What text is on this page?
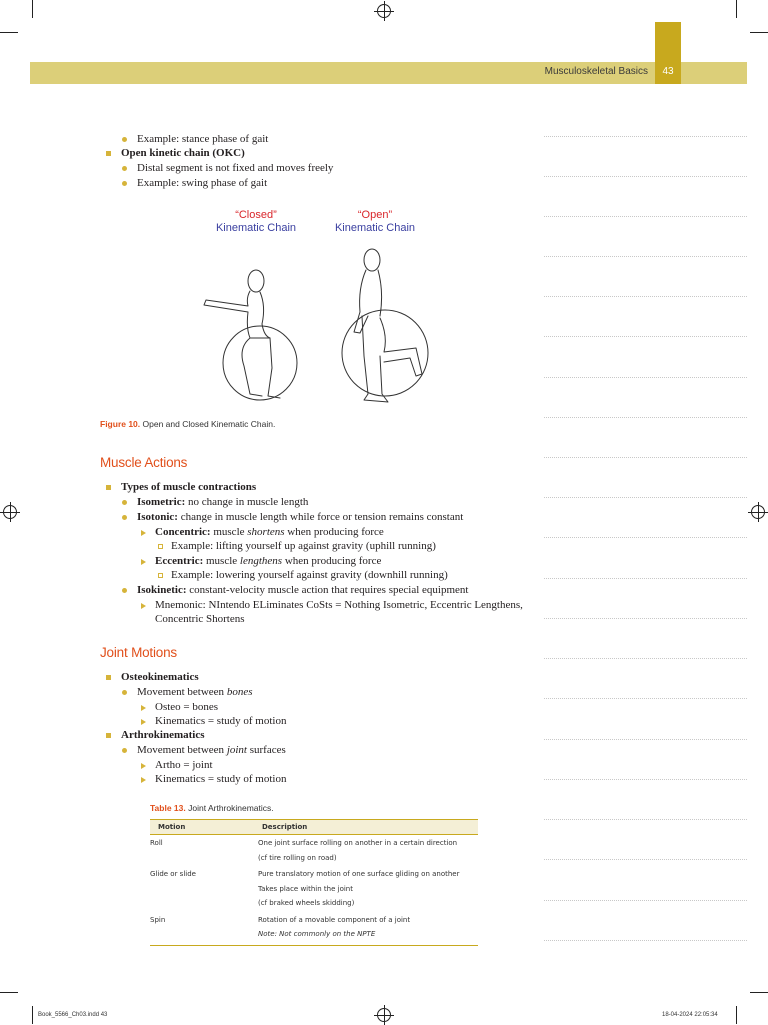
Musculoskeletal Basics	43
Example: stance phase of gait
Open kinetic chain (OKC)
Distal segment is not fixed and moves freely
Example: swing phase of gait
“Closed”
Kinematic Chain
“Open”
Kinematic Chain
Figure 10. Open and Closed Kinematic Chain.
Muscle Actions
Types of muscle contractions
Isometric: no change in muscle length
Isotonic: change in muscle length while force or tension remains constant
Concentric: muscle shortens when producing force
Example: lifting yourself up against gravity (uphill running)
Eccentric: muscle lengthens when producing force
Example: lowering yourself against gravity (downhill running)
Isokinetic: constant-velocity muscle action that requires special equipment
Mnemonic: NIntendo ELiminates CoSts = Nothing Isometric, Eccentric Lengthens,
Concentric Shortens
Joint Motions
Osteokinematics
Movement between bones
Osteo = bones
Kinematics = study of motion
Arthrokinematics
Movement between joint surfaces
Artho = joint
Kinematics = study of motion
Table 13. Joint Arthrokinematics.
Motion	Description
Roll	One joint surface rolling on another in a certain direction
(cf tire rolling on road)

Glide or slide	Pure translatory motion of one surface gliding on another
Takes place within the joint
(cf braked wheels skidding)

Spin	Rotation of a movable component of a joint
Note: Not commonly on the NPTE
Book_5566_Ch03.indd 43	18-04-2024 22:05:34
